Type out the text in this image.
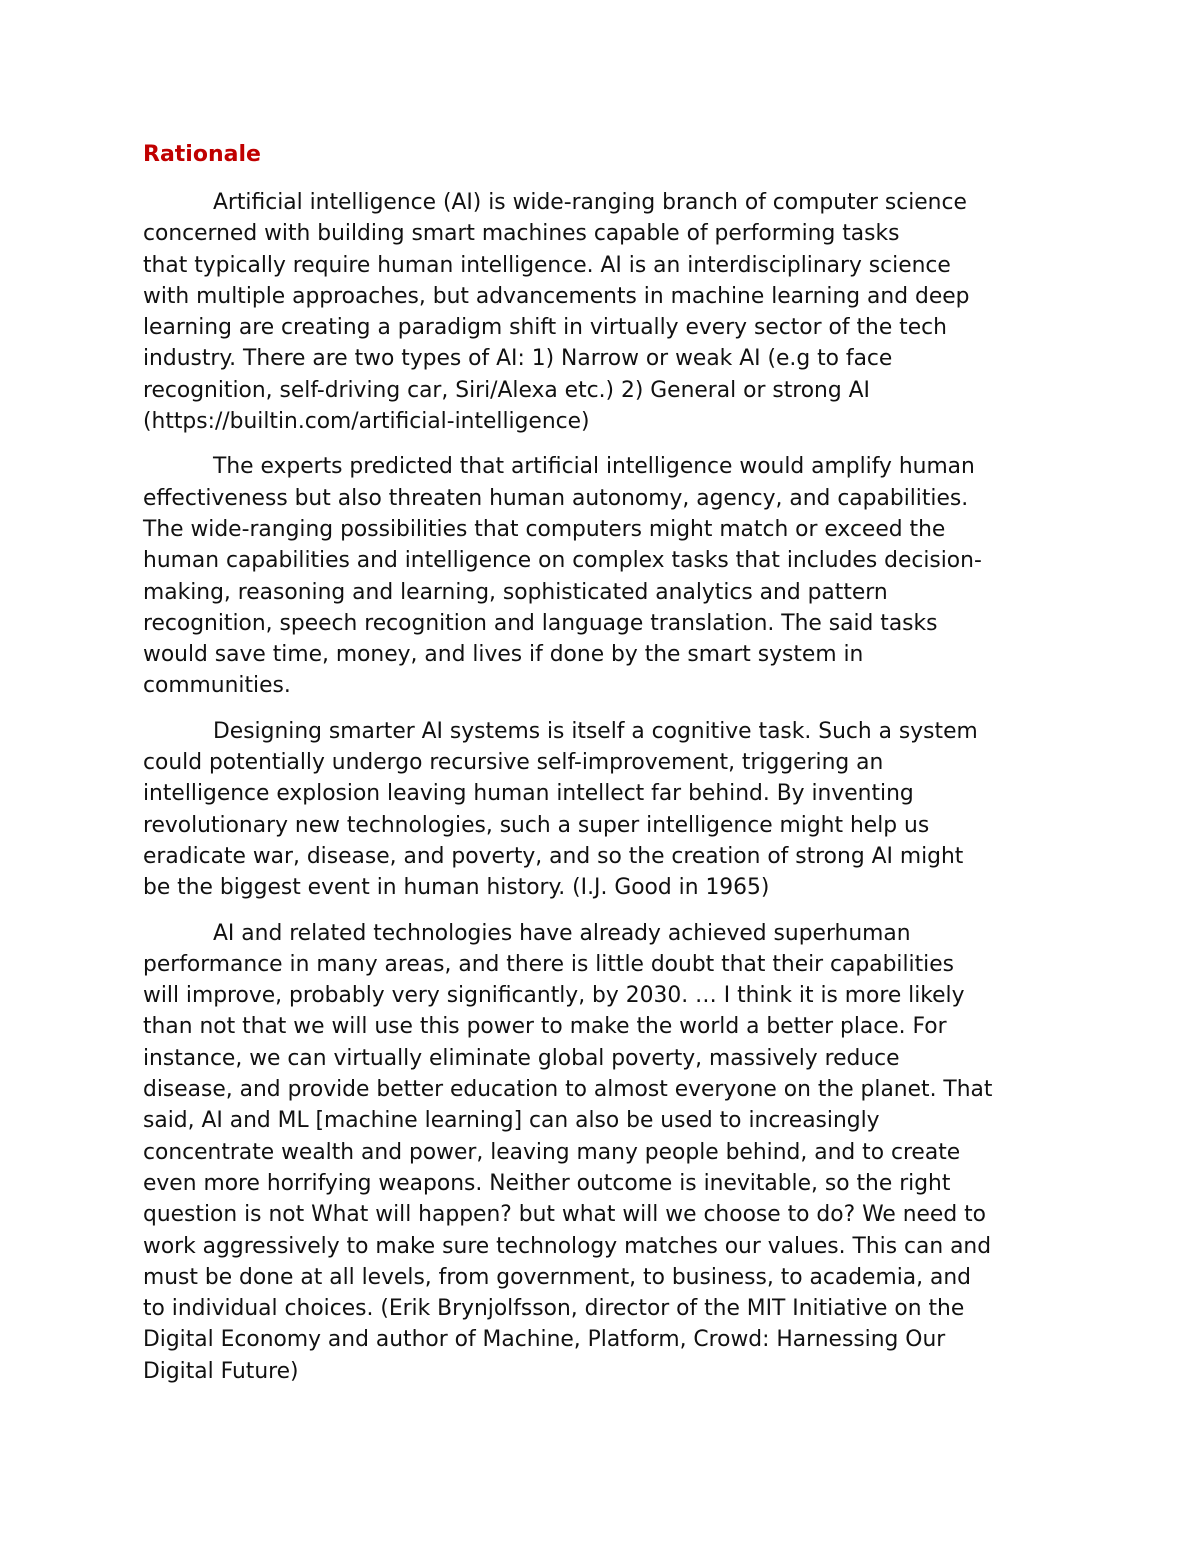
Rationale
Artificial intelligence (AI) is wide-ranging branch of computer science
concerned with building smart machines capable of performing tasks
that typically require human intelligence. AI is an interdisciplinary science
with multiple approaches, but advancements in machine learning and deep
learning are creating a paradigm shift in virtually every sector of the tech
industry. There are two types of AI: 1) Narrow or weak AI (e.g to face
recognition, self-driving car, Siri/Alexa etc.) 2) General or strong AI
(https://builtin.com/artificial-intelligence)
The experts predicted that artificial intelligence would amplify human
effectiveness but also threaten human autonomy, agency, and capabilities.
The wide-ranging possibilities that computers might match or exceed the
human capabilities and intelligence on complex tasks that includes decision-
making, reasoning and learning, sophisticated analytics and pattern
recognition, speech recognition and language translation. The said tasks
would save time, money, and lives if done by the smart system in
communities.
Designing smarter AI systems is itself a cognitive task. Such a system
could potentially undergo recursive self-improvement, triggering an
intelligence explosion leaving human intellect far behind. By inventing
revolutionary new technologies, such a super intelligence might help us
eradicate war, disease, and poverty, and so the creation of strong AI might
be the biggest event in human history. (I.J. Good in 1965)
AI and related technologies have already achieved superhuman
performance in many areas, and there is little doubt that their capabilities
will improve, probably very significantly, by 2030. … I think it is more likely
than not that we will use this power to make the world a better place. For
instance, we can virtually eliminate global poverty, massively reduce
disease, and provide better education to almost everyone on the planet. That
said, AI and ML [machine learning] can also be used to increasingly
concentrate wealth and power, leaving many people behind, and to create
even more horrifying weapons. Neither outcome is inevitable, so the right
question is not What will happen? but what will we choose to do? We need to
work aggressively to make sure technology matches our values. This can and
must be done at all levels, from government, to business, to academia, and
to individual choices. (Erik Brynjolfsson, director of the MIT Initiative on the
Digital Economy and author of Machine, Platform, Crowd: Harnessing Our
Digital Future)
